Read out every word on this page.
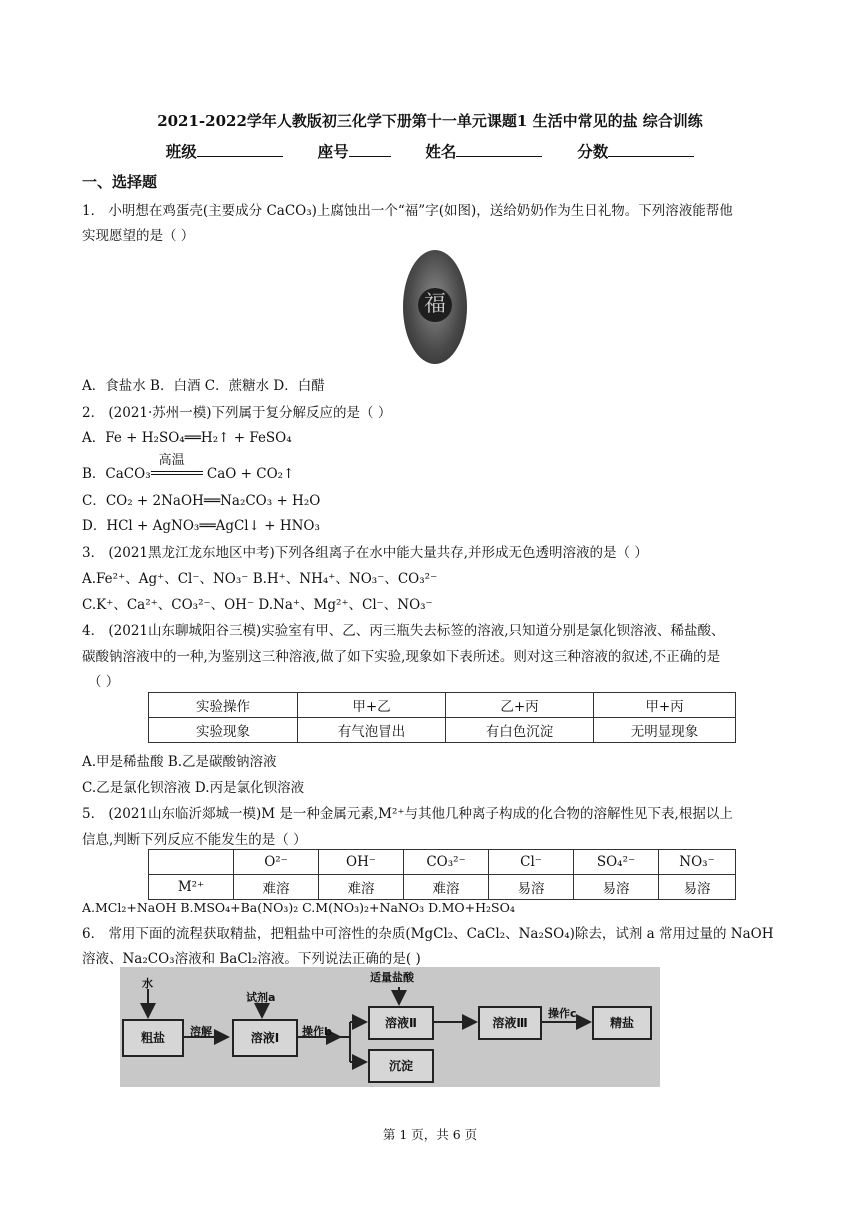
2021-2022学年人教版初三化学下册第十一单元课题1 生活中常见的盐 综合训练
班级	座号	姓名	分数
一、选择题
1． 小明想在鸡蛋壳(主要成分 CaCO₃)上腐蚀出一个“福”字(如图)，送给奶奶作为生日礼物。下列溶液能帮他
实现愿望的是（ ）
福
A．食盐水 B．白酒 C．蔗糖水 D．白醋
2． (2021·苏州一模)下列属于复分解反应的是（ ）
A．Fe + H₂SO₄══H₂↑ + FeSO₄
B．CaCO₃
高温
CaO + CO₂↑
C．CO₂ + 2NaOH══Na₂CO₃ + H₂O
D．HCl + AgNO₃══AgCl↓ + HNO₃
3． (2021黑龙江龙东地区中考)下列各组离子在水中能大量共存,并形成无色透明溶液的是（ ）
A.Fe²⁺、Ag⁺、Cl⁻、NO₃⁻ B.H⁺、NH₄⁺、NO₃⁻、CO₃²⁻
C.K⁺、Ca²⁺、CO₃²⁻、OH⁻ D.Na⁺、Mg²⁺、Cl⁻、NO₃⁻
4． (2021山东聊城阳谷三模)实验室有甲、乙、丙三瓶失去标签的溶液,只知道分别是氯化钡溶液、稀盐酸、
碳酸钠溶液中的一种,为鉴别这三种溶液,做了如下实验,现象如下表所述。则对这三种溶液的叙述,不正确的是
（ ）
实验操作	甲+乙	乙+丙	甲+丙
实验现象	有气泡冒出	有白色沉淀	无明显现象
A.甲是稀盐酸 B.乙是碳酸钠溶液
C.乙是氯化钡溶液 D.丙是氯化钡溶液
5． (2021山东临沂郯城一模)M 是一种金属元素,M²⁺与其他几种离子构成的化合物的溶解性见下表,根据以上
信息,判断下列反应不能发生的是（ ）
	O²⁻	OH⁻	CO₃²⁻	Cl⁻	SO₄²⁻	NO₃⁻
M²⁺	难溶	难溶	难溶	易溶	易溶	易溶
A.MCl₂+NaOH B.MSO₄+Ba(NO₃)₂ C.M(NO₃)₂+NaNO₃ D.MO+H₂SO₄
6． 常用下面的流程获取精盐，把粗盐中可溶性的杂质(MgCl₂、CaCl₂、Na₂SO₄)除去，试剂 a 常用过量的 NaOH
溶液、Na₂CO₃溶液和 BaCl₂溶液。下列说法正确的是( )
水
粗盐	溶解
试剂a
溶液Ⅰ	操作b
适量盐酸
溶液Ⅱ
沉淀
溶液Ⅲ
操作c
精盐
第 1 页，共 6 页
